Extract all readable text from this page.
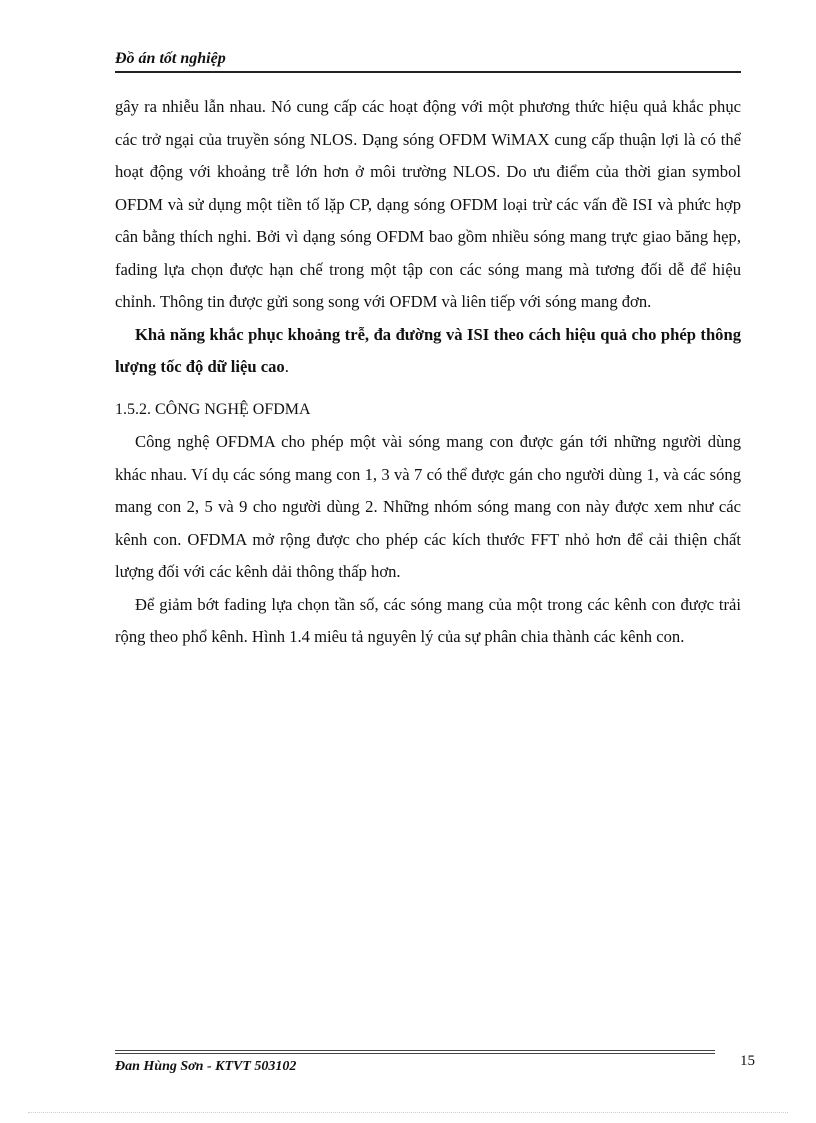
Đồ án tốt nghiệp

gây ra nhiễu lẫn nhau. Nó cung cấp các hoạt động với một phương thức hiệu quả khắc phục các trở ngại của truyền sóng NLOS. Dạng sóng OFDM WiMAX cung cấp thuận lợi là có thể hoạt động với khoảng trễ lớn hơn ở môi trường NLOS. Do ưu điểm của thời gian symbol OFDM và sử dụng một tiền tố lặp CP, dạng sóng OFDM loại trừ các vấn đề ISI và phức hợp cân bằng thích nghi. Bởi vì dạng sóng OFDM bao gồm nhiều sóng mang trực giao băng hẹp, fading lựa chọn được hạn chế trong một tập con các sóng mang mà tương đối dễ để hiệu chỉnh. Thông tin được gửi song song với OFDM và liên tiếp với sóng mang đơn.

Khả năng khắc phục khoảng trễ, đa đường và ISI theo cách hiệu quả cho phép thông lượng tốc độ dữ liệu cao.

1.5.2. CÔNG NGHỆ OFDMA

Công nghệ OFDMA cho phép một vài sóng mang con được gán tới những người dùng khác nhau. Ví dụ các sóng mang con 1, 3 và 7 có thể được gán cho người dùng 1, và các sóng mang con 2, 5 và 9 cho người dùng 2. Những nhóm sóng mang con này được xem như các kênh con. OFDMA mở rộng được cho phép các kích thước FFT nhỏ hơn để cải thiện chất lượng đối với các kênh dải thông thấp hơn.

Để giảm bớt fading lựa chọn tần số, các sóng mang của một trong các kênh con được trải rộng theo phổ kênh. Hình 1.4 miêu tả nguyên lý của sự phân chia thành các kênh con.

Đan Hùng Sơn - KTVT 503102	15
